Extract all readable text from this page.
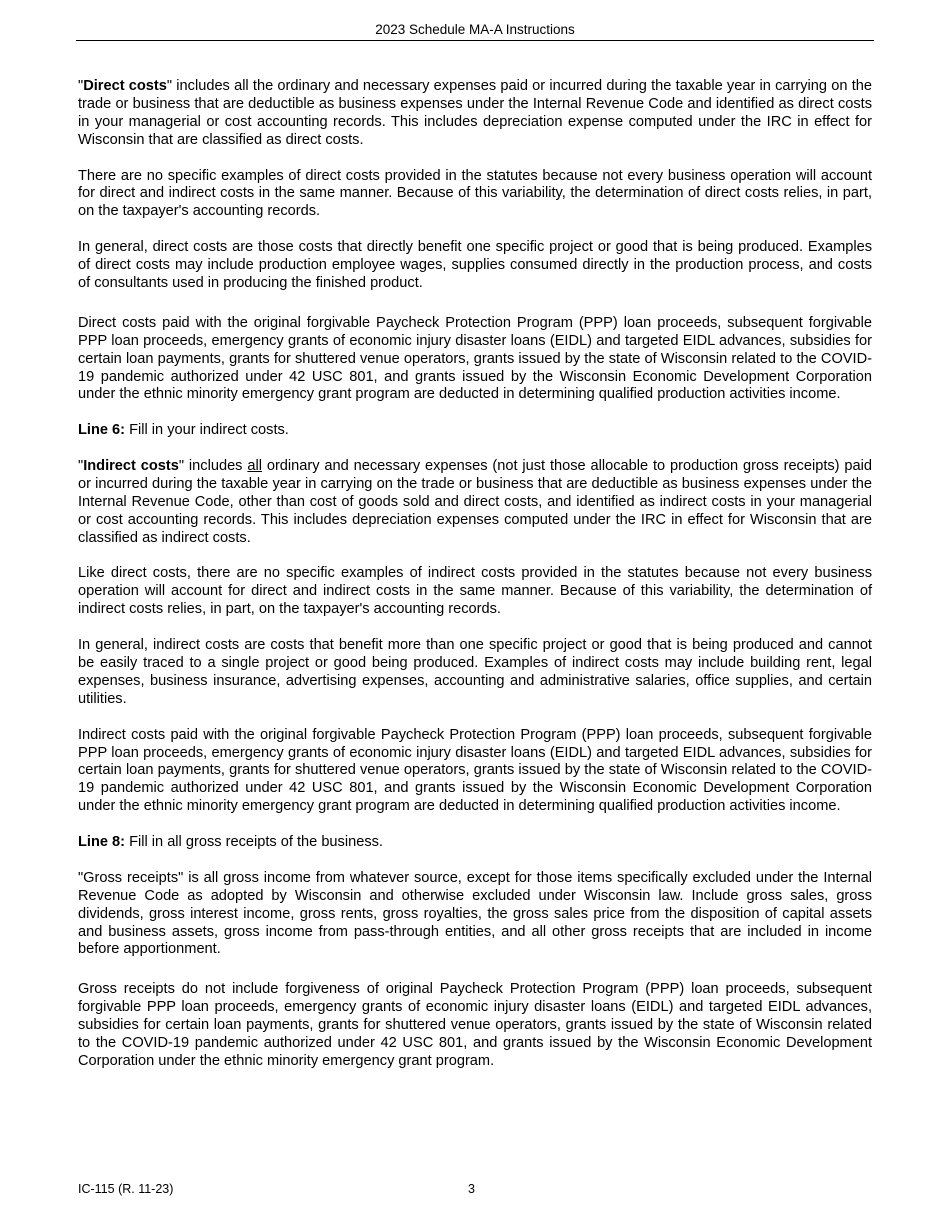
2023 Schedule MA-A Instructions

"Direct costs" includes all the ordinary and necessary expenses paid or incurred during the taxable year in carrying on the trade or business that are deductible as business expenses under the Internal Revenue Code and identified as direct costs in your managerial or cost accounting records. This includes depreciation expense computed under the IRC in effect for Wisconsin that are classified as direct costs.

There are no specific examples of direct costs provided in the statutes because not every business operation will account for direct and indirect costs in the same manner. Because of this variability, the determination of direct costs relies, in part, on the taxpayer's accounting records.

In general, direct costs are those costs that directly benefit one specific project or good that is being produced. Examples of direct costs may include production employee wages, supplies consumed directly in the production process, and costs of consultants used in producing the finished product.

Direct costs paid with the original forgivable Paycheck Protection Program (PPP) loan proceeds, subsequent forgivable PPP loan proceeds, emergency grants of economic injury disaster loans (EIDL) and targeted EIDL advances, subsidies for certain loan payments, grants for shuttered venue operators, grants issued by the state of Wisconsin related to the COVID-19 pandemic authorized under 42 USC 801, and grants issued by the Wisconsin Economic Development Corporation under the ethnic minority emergency grant program are deducted in determining qualified production activities income.

Line 6: Fill in your indirect costs.

"Indirect costs" includes all ordinary and necessary expenses (not just those allocable to production gross receipts) paid or incurred during the taxable year in carrying on the trade or business that are deductible as business expenses under the Internal Revenue Code, other than cost of goods sold and direct costs, and identified as indirect costs in your managerial or cost accounting records. This includes depreciation expenses computed under the IRC in effect for Wisconsin that are classified as indirect costs.

Like direct costs, there are no specific examples of indirect costs provided in the statutes because not every business operation will account for direct and indirect costs in the same manner. Because of this variability, the determination of indirect costs relies, in part, on the taxpayer's accounting records.

In general, indirect costs are costs that benefit more than one specific project or good that is being produced and cannot be easily traced to a single project or good being produced. Examples of indirect costs may include building rent, legal expenses, business insurance, advertising expenses, accounting and administrative salaries, office supplies, and certain utilities.

Indirect costs paid with the original forgivable Paycheck Protection Program (PPP) loan proceeds, subsequent forgivable PPP loan proceeds, emergency grants of economic injury disaster loans (EIDL) and targeted EIDL advances, subsidies for certain loan payments, grants for shuttered venue operators, grants issued by the state of Wisconsin related to the COVID-19 pandemic authorized under 42 USC 801, and grants issued by the Wisconsin Economic Development Corporation under the ethnic minority emergency grant program are deducted in determining qualified production activities income.

Line 8: Fill in all gross receipts of the business.

"Gross receipts" is all gross income from whatever source, except for those items specifically excluded under the Internal Revenue Code as adopted by Wisconsin and otherwise excluded under Wisconsin law. Include gross sales, gross dividends, gross interest income, gross rents, gross royalties, the gross sales price from the disposition of capital assets and business assets, gross income from pass-through entities, and all other gross receipts that are included in income before apportionment.

Gross receipts do not include forgiveness of original Paycheck Protection Program (PPP) loan proceeds, subsequent forgivable PPP loan proceeds, emergency grants of economic injury disaster loans (EIDL) and targeted EIDL advances, subsidies for certain loan payments, grants for shuttered venue operators, grants issued by the state of Wisconsin related to the COVID-19 pandemic authorized under 42 USC 801, and grants issued by the Wisconsin Economic Development Corporation under the ethnic minority emergency grant program.

IC-115 (R. 11-23)	3
